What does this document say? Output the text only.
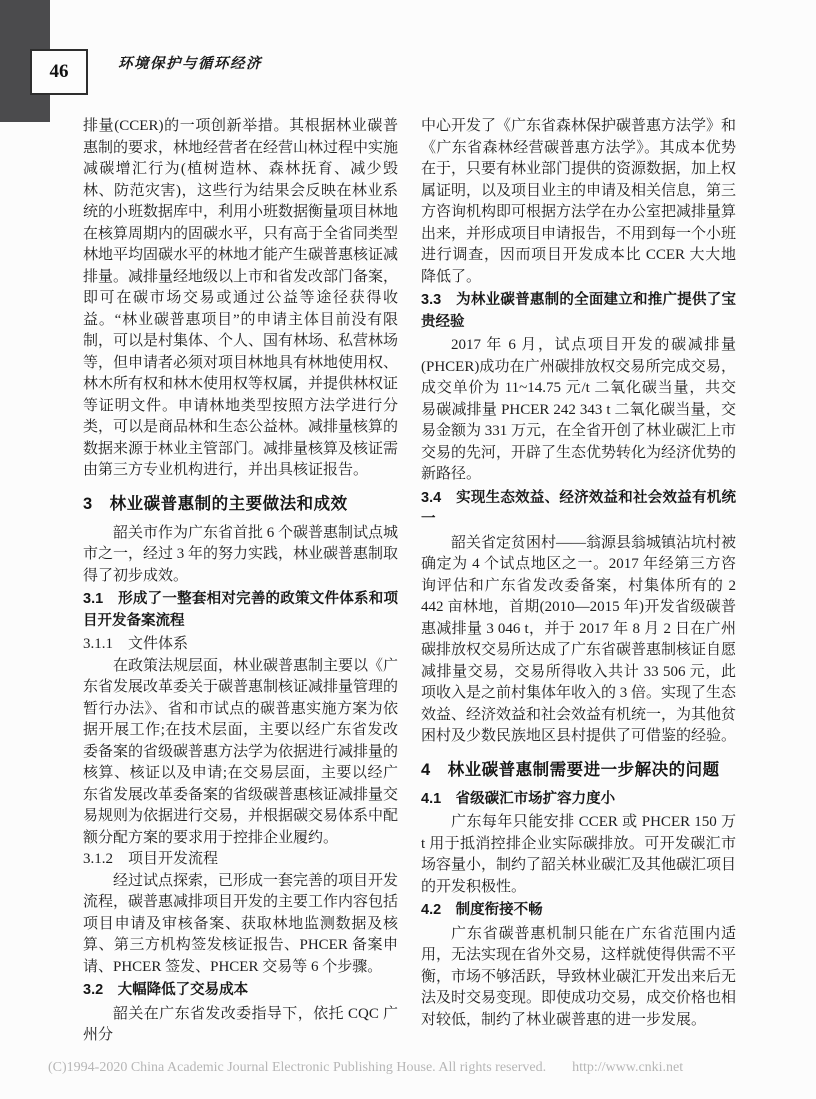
46	环境保护与循环经济

排量(CCER)的一项创新举措。其根据林业碳普惠制的要求，林地经营者在经营山林过程中实施减碳增汇行为(植树造林、森林抚育、减少毁林、防范灾害)，这些行为结果会反映在林业系统的小班数据库中，利用小班数据衡量项目林地在核算周期内的固碳水平，只有高于全省同类型林地平均固碳水平的林地才能产生碳普惠核证减排量。减排量经地级以上市和省发改部门备案，即可在碳市场交易或通过公益等途径获得收益。“林业碳普惠项目”的申请主体目前没有限制，可以是村集体、个人、国有林场、私营林场等，但申请者必须对项目林地具有林地使用权、林木所有权和林木使用权等权属，并提供林权证等证明文件。申请林地类型按照方法学进行分类，可以是商品林和生态公益林。减排量核算的数据来源于林业主管部门。减排量核算及核证需由第三方专业机构进行，并出具核证报告。

3　林业碳普惠制的主要做法和成效

韶关市作为广东省首批 6 个碳普惠制试点城市之一，经过 3 年的努力实践，林业碳普惠制取得了初步成效。

3.1　形成了一整套相对完善的政策文件体系和项目开发备案流程
3.1.1　文件体系

在政策法规层面，林业碳普惠制主要以《广东省发展改革委关于碳普惠制核证减排量管理的暂行办法》、省和市试点的碳普惠实施方案为依据开展工作;在技术层面，主要以经广东省发改委备案的省级碳普惠方法学为依据进行减排量的核算、核证以及申请;在交易层面，主要以经广东省发展改革委备案的省级碳普惠核证减排量交易规则为依据进行交易，并根据碳交易体系中配额分配方案的要求用于控排企业履约。

3.1.2　项目开发流程

经过试点探索，已形成一套完善的项目开发流程，碳普惠减排项目开发的主要工作内容包括项目申请及审核备案、获取林地监测数据及核算、第三方机构签发核证报告、PHCER 备案申请、PHCER 签发、PHCER 交易等 6 个步骤。

3.2　大幅降低了交易成本

韶关在广东省发改委指导下，依托 CQC 广州分

中心开发了《广东省森林保护碳普惠方法学》和《广东省森林经营碳普惠方法学》。其成本优势在于，只要有林业部门提供的资源数据，加上权属证明，以及项目业主的申请及相关信息，第三方咨询机构即可根据方法学在办公室把减排量算出来，并形成项目申请报告，不用到每一个小班进行调查，因而项目开发成本比 CCER 大大地降低了。

3.3　为林业碳普惠制的全面建立和推广提供了宝贵经验

2017 年 6 月，试点项目开发的碳减排量(PHCER)成功在广州碳排放权交易所完成交易，成交单价为 11~14.75 元/t 二氧化碳当量，共交易碳减排量 PHCER 242 343 t 二氧化碳当量，交易金额为 331 万元，在全省开创了林业碳汇上市交易的先河，开辟了生态优势转化为经济优势的新路径。

3.4　实现生态效益、经济效益和社会效益有机统一

韶关省定贫困村——翁源县翁城镇沾坑村被确定为 4 个试点地区之一。2017 年经第三方咨询评估和广东省发改委备案，村集体所有的 2 442 亩林地，首期(2010—2015 年)开发省级碳普惠减排量 3 046 t，并于 2017 年 8 月 2 日在广州碳排放权交易所达成了广东省碳普惠制核证自愿减排量交易，交易所得收入共计 33 506 元，此项收入是之前村集体年收入的 3 倍。实现了生态效益、经济效益和社会效益有机统一，为其他贫困村及少数民族地区县村提供了可借鉴的经验。

4　林业碳普惠制需要进一步解决的问题
4.1　省级碳汇市场扩容力度小

广东每年只能安排 CCER 或 PHCER 150 万 t 用于抵消控排企业实际碳排放。可开发碳汇市场容量小，制约了韶关林业碳汇及其他碳汇项目的开发积极性。

4.2　制度衔接不畅

广东省碳普惠机制只能在广东省范围内适用，无法实现在省外交易，这样就使得供需不平衡，市场不够活跃，导致林业碳汇开发出来后无法及时交易变现。即使成功交易，成交价格也相对较低，制约了林业碳普惠的进一步发展。

(C)1994-2020 China Academic Journal Electronic Publishing House. All rights reserved. http://www.cnki.net
